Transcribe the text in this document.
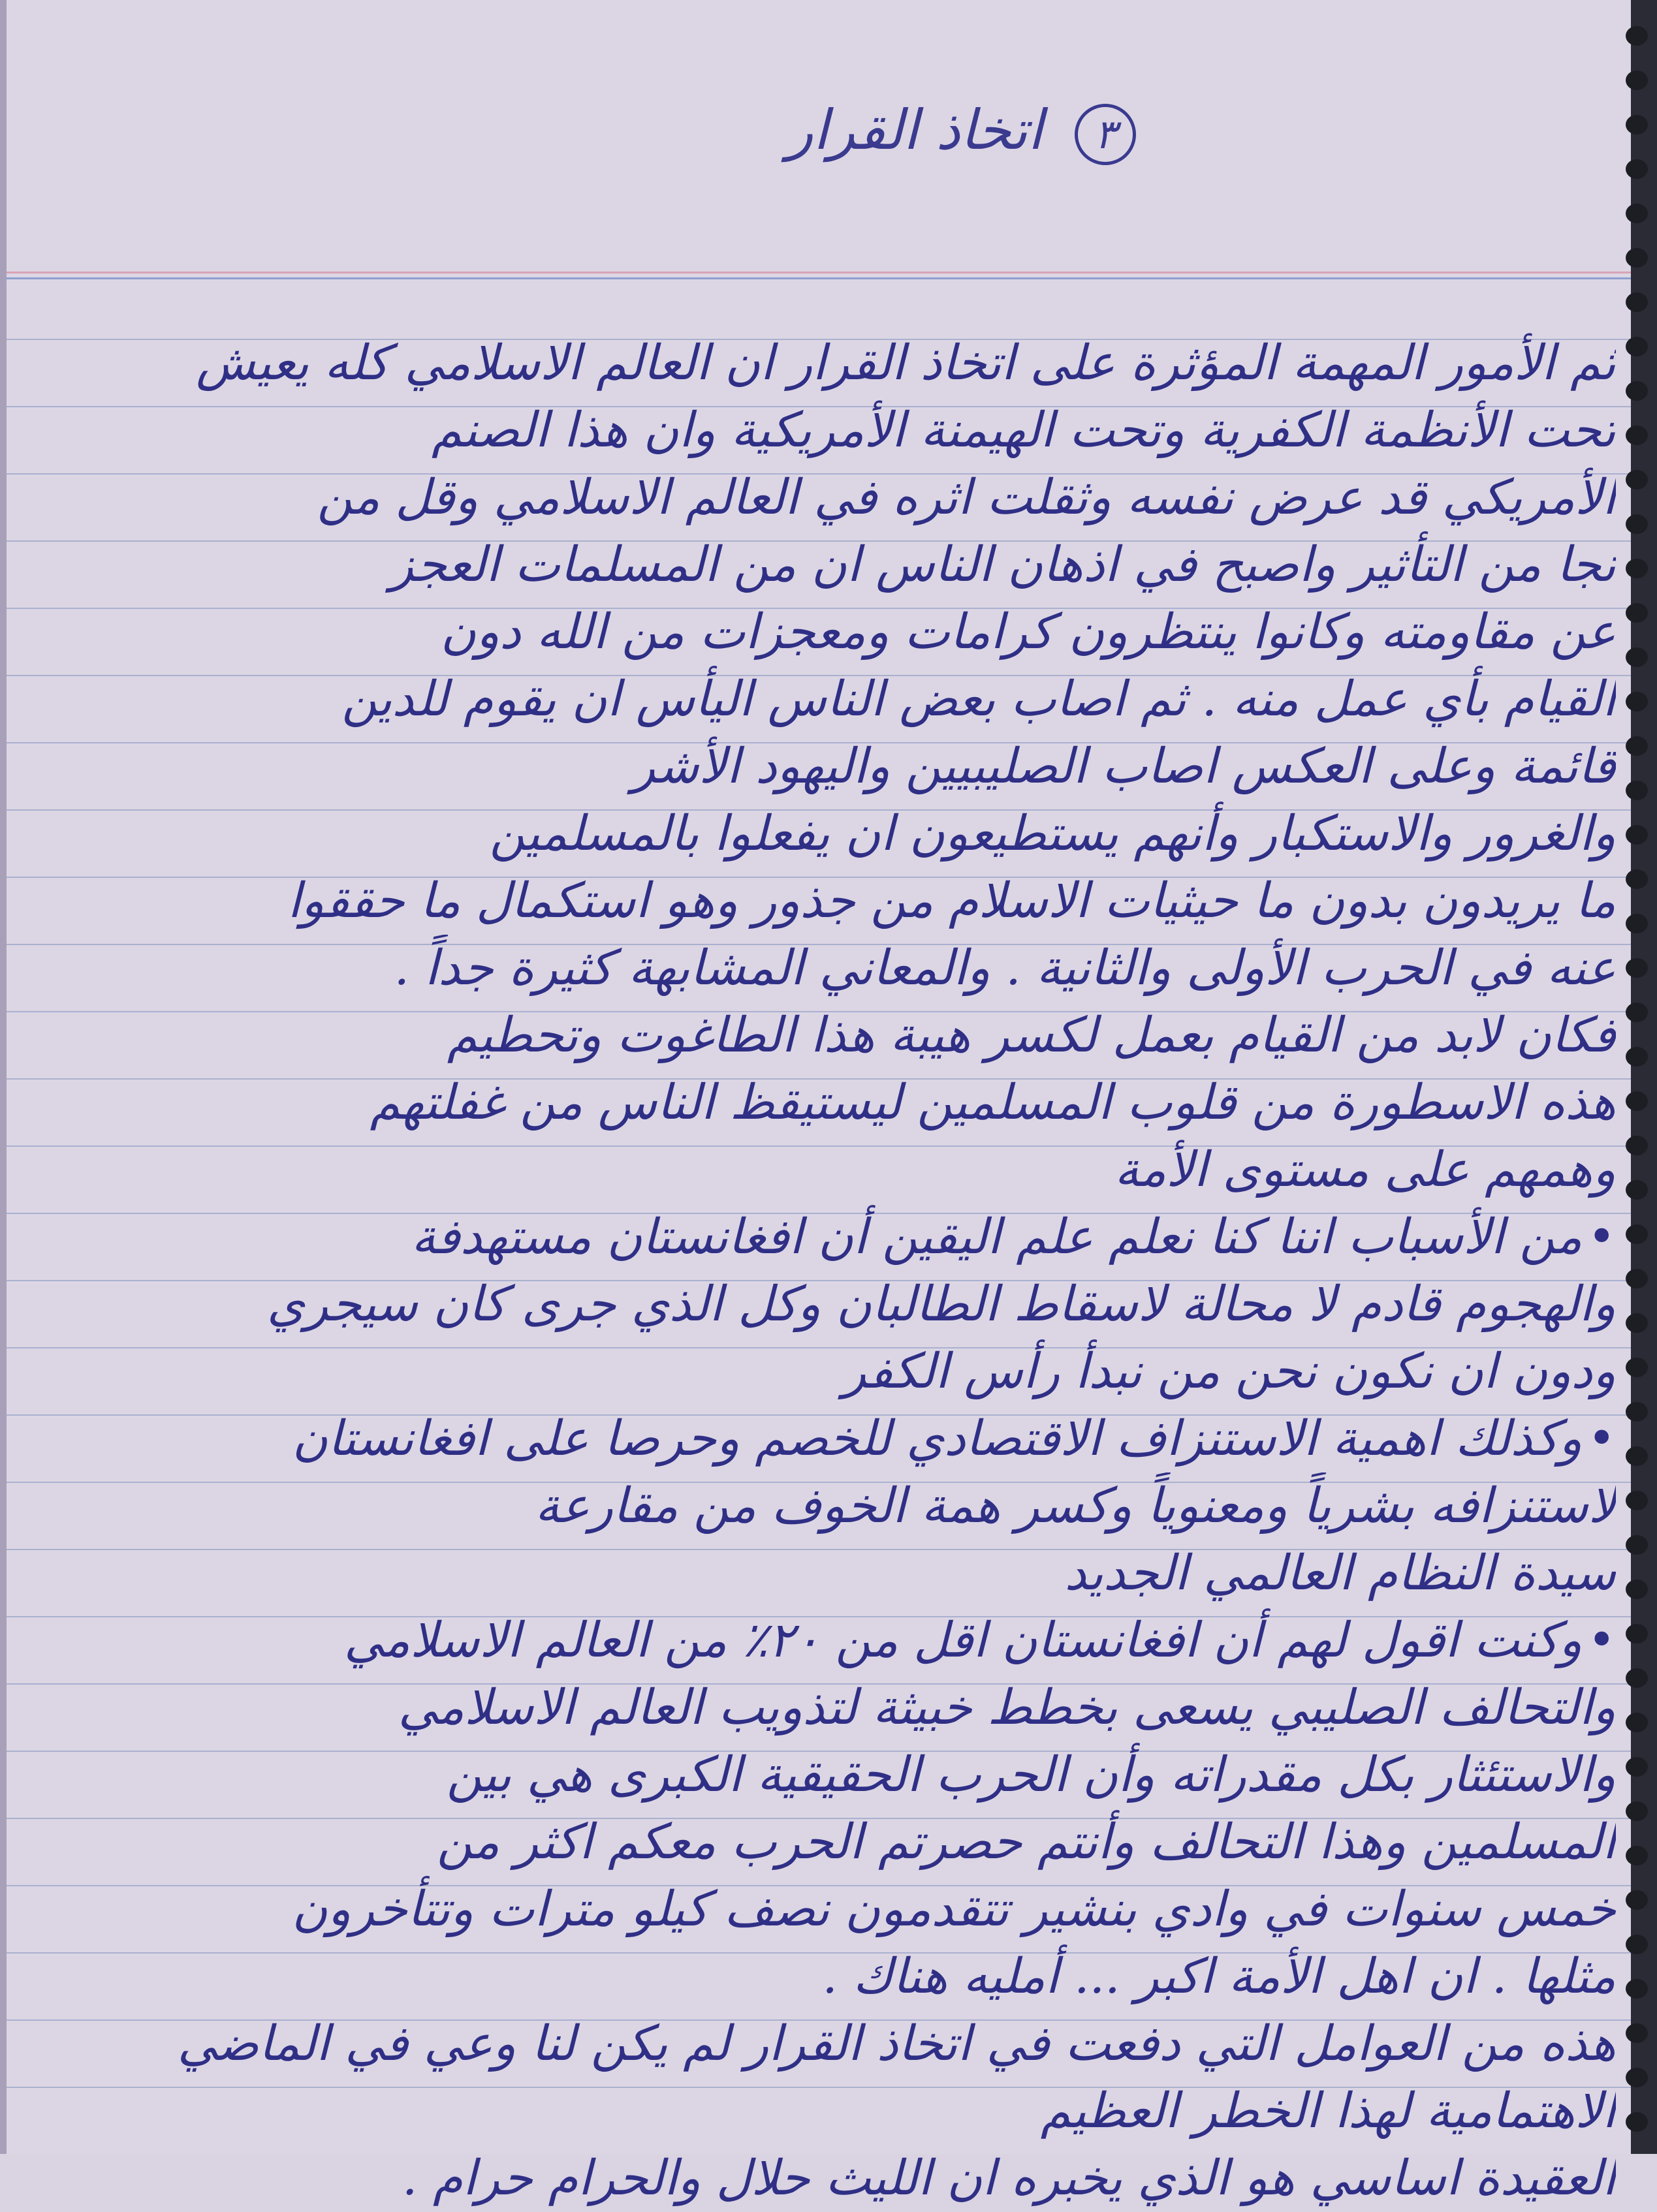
٣ اتخاذ القرار
ثم الأمور المهمة المؤثرة على اتخاذ القرار ان العالم الاسلامي كله يعيش
تحت الأنظمة الكفرية وتحت الهيمنة الأمريكية وان هذا الصنم
الأمريكي قد عرض نفسه وثقلت اثره في العالم الاسلامي وقل من
نجا من التأثير واصبح في اذهان الناس ان من المسلمات العجز
عن مقاومته وكانوا ينتظرون كرامات ومعجزات من الله دون
القيام بأي عمل منه . ثم اصاب بعض الناس اليأس ان يقوم للدين
قائمة وعلى العكس اصاب الصليبيين واليهود الأشر
والغرور والاستكبار وأنهم يستطيعون ان يفعلوا بالمسلمين
ما يريدون بدون ما حيثيات الاسلام من جذور وهو استكمال ما حققوا
عنه في الحرب الأولى والثانية . والمعاني المشابهة كثيرة جداً .
فكان لابد من القيام بعمل لكسر هيبة هذا الطاغوت وتحطيم
هذه الاسطورة من قلوب المسلمين ليستيقظ الناس من غفلتهم
وهمهم على مستوى الأمة
• من الأسباب اننا كنا نعلم علم اليقين أن افغانستان مستهدفة
والهجوم قادم لا محالة لاسقاط الطالبان وكل الذي جرى كان سيجري
ودون ان نكون نحن من نبدأ رأس الكفر
• وكذلك اهمية الاستنزاف الاقتصادي للخصم وحرصا على افغانستان
لاستنزافه بشرياً ومعنوياً وكسر همة الخوف من مقارعة
سيدة النظام العالمي الجديد
• وكنت اقول لهم أن افغانستان اقل من ٢٠٪ من العالم الاسلامي
والتحالف الصليبي يسعى بخطط خبيثة لتذويب العالم الاسلامي
والاستئثار بكل مقدراته وأن الحرب الحقيقية الكبرى هي بين
المسلمين وهذا التحالف وأنتم حصرتم الحرب معكم اكثر من
خمس سنوات في وادي بنشير تتقدمون نصف كيلو مترات وتتأخرون
مثلها . ان اهل الأمة اكبر ... أمليه هناك .
هذه من العوامل التي دفعت في اتخاذ القرار لم يكن لنا وعي في الماضي
الاهتمامية لهذا الخطر العظيم
العقيدة اساسي هو الذي يخبره ان الليث حلال والحرام حرام .
